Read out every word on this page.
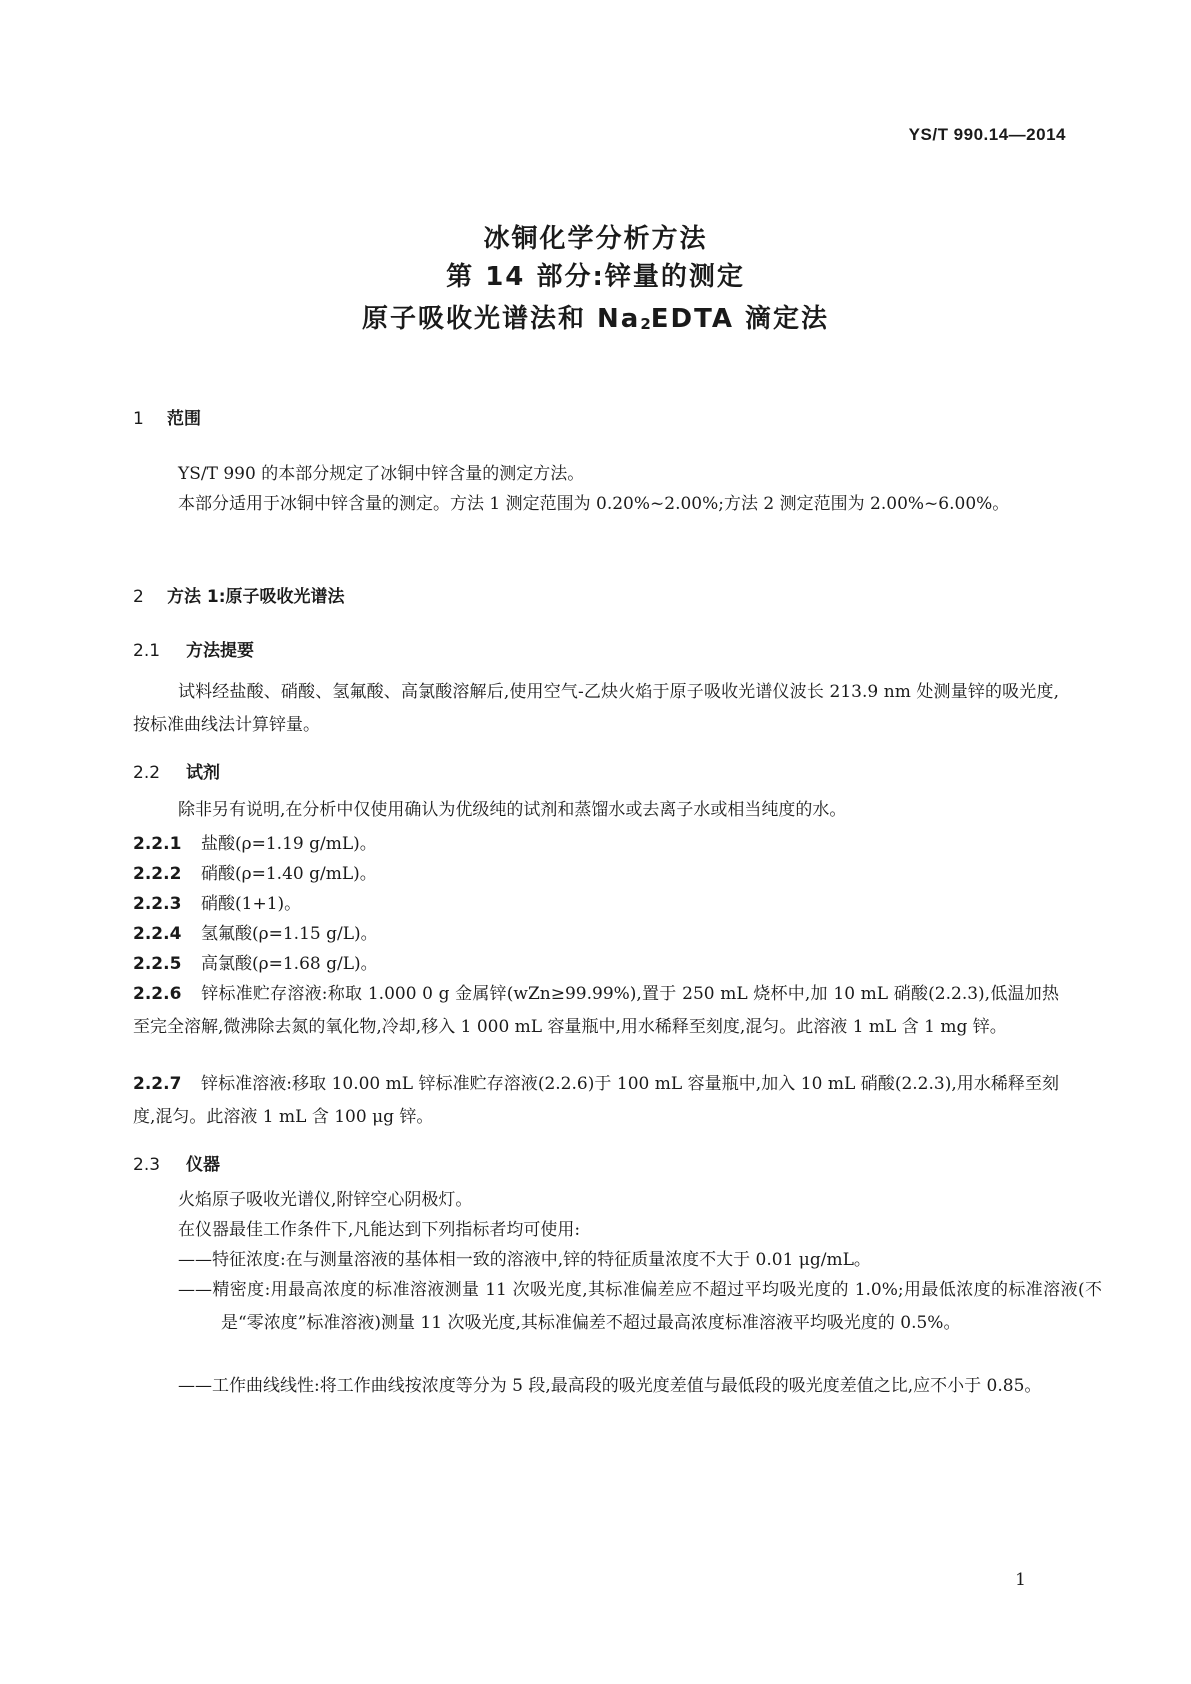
YS/T 990.14—2014
冰铜化学分析方法
第 14 部分:锌量的测定
原子吸收光谱法和 $Na_2EDTA$ 滴定法
1 范围
YS/T 990 的本部分规定了冰铜中锌含量的测定方法。
本部分适用于冰铜中锌含量的测定。方法 1 测定范围为 0.20%~2.00%;方法 2 测定范围为 2.00%~6.00%。
2 方法 1:原子吸收光谱法
2.1 方法提要
试料经盐酸、硝酸、氢氟酸、高氯酸溶解后,使用空气-乙炔火焰于原子吸收光谱仪波长 213.9 nm 处测量锌的吸光度,按标准曲线法计算锌量。
2.2 试剂
除非另有说明,在分析中仅使用确认为优级纯的试剂和蒸馏水或去离子水或相当纯度的水。
2.2.1 盐酸(ρ=1.19 g/mL)。
2.2.2 硝酸(ρ=1.40 g/mL)。
2.2.3 硝酸(1+1)。
2.2.4 氢氟酸(ρ=1.15 g/L)。
2.2.5 高氯酸(ρ=1.68 g/L)。
2.2.6 锌标准贮存溶液:称取 1.000 0 g 金属锌(wZn≥99.99%),置于 250 mL 烧杯中,加 10 mL 硝酸(2.2.3),低温加热至完全溶解,微沸除去氮的氧化物,冷却,移入 1 000 mL 容量瓶中,用水稀释至刻度,混匀。此溶液 1 mL 含 1 mg 锌。
2.2.7 锌标准溶液:移取 10.00 mL 锌标准贮存溶液(2.2.6)于 100 mL 容量瓶中,加入 10 mL 硝酸(2.2.3),用水稀释至刻度,混匀。此溶液 1 mL 含 100 μg 锌。
2.3 仪器
火焰原子吸收光谱仪,附锌空心阴极灯。
在仪器最佳工作条件下,凡能达到下列指标者均可使用:
——特征浓度:在与测量溶液的基体相一致的溶液中,锌的特征质量浓度不大于 0.01 μg/mL。
——精密度:用最高浓度的标准溶液测量 11 次吸光度,其标准偏差应不超过平均吸光度的 1.0%;用最低浓度的标准溶液(不是“零浓度”标准溶液)测量 11 次吸光度,其标准偏差不超过最高浓度标准溶液平均吸光度的 0.5%。
——工作曲线线性:将工作曲线按浓度等分为 5 段,最高段的吸光度差值与最低段的吸光度差值之比,应不小于 0.85。
1
